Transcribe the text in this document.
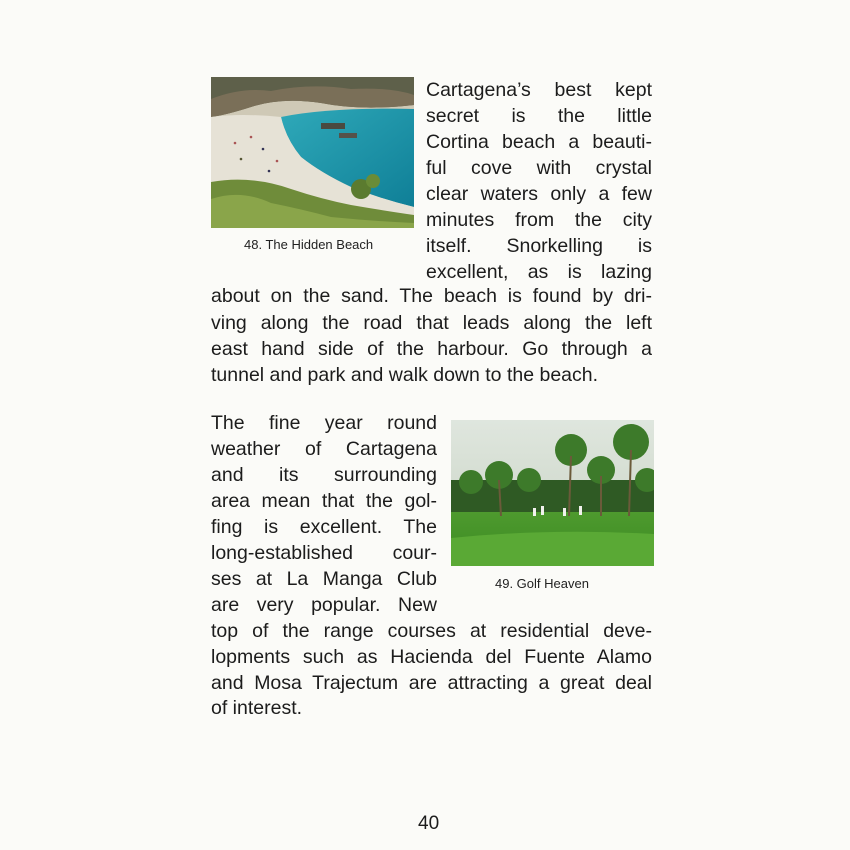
48. The Hidden Beach
49. Golf Heaven
Cartagena’s best kept
secret is the little
Cortina beach a beauti-
ful cove with crystal
clear waters only a few
minutes from the city
itself. Snorkelling is
excellent, as is lazing
about on the sand. The beach is found by dri-
ving along the road that leads along the left
east hand side of the harbour. Go through a
tunnel and park and walk down to the beach.
The fine year round
weather of Cartagena
and its surrounding
area mean that the gol-
fing is excellent. The
long-established cour-
ses at La Manga Club
are very popular. New
top of the range courses at residential deve-
lopments such as Hacienda del Fuente Alamo
and Mosa Trajectum are attracting a great deal
of interest.
40
